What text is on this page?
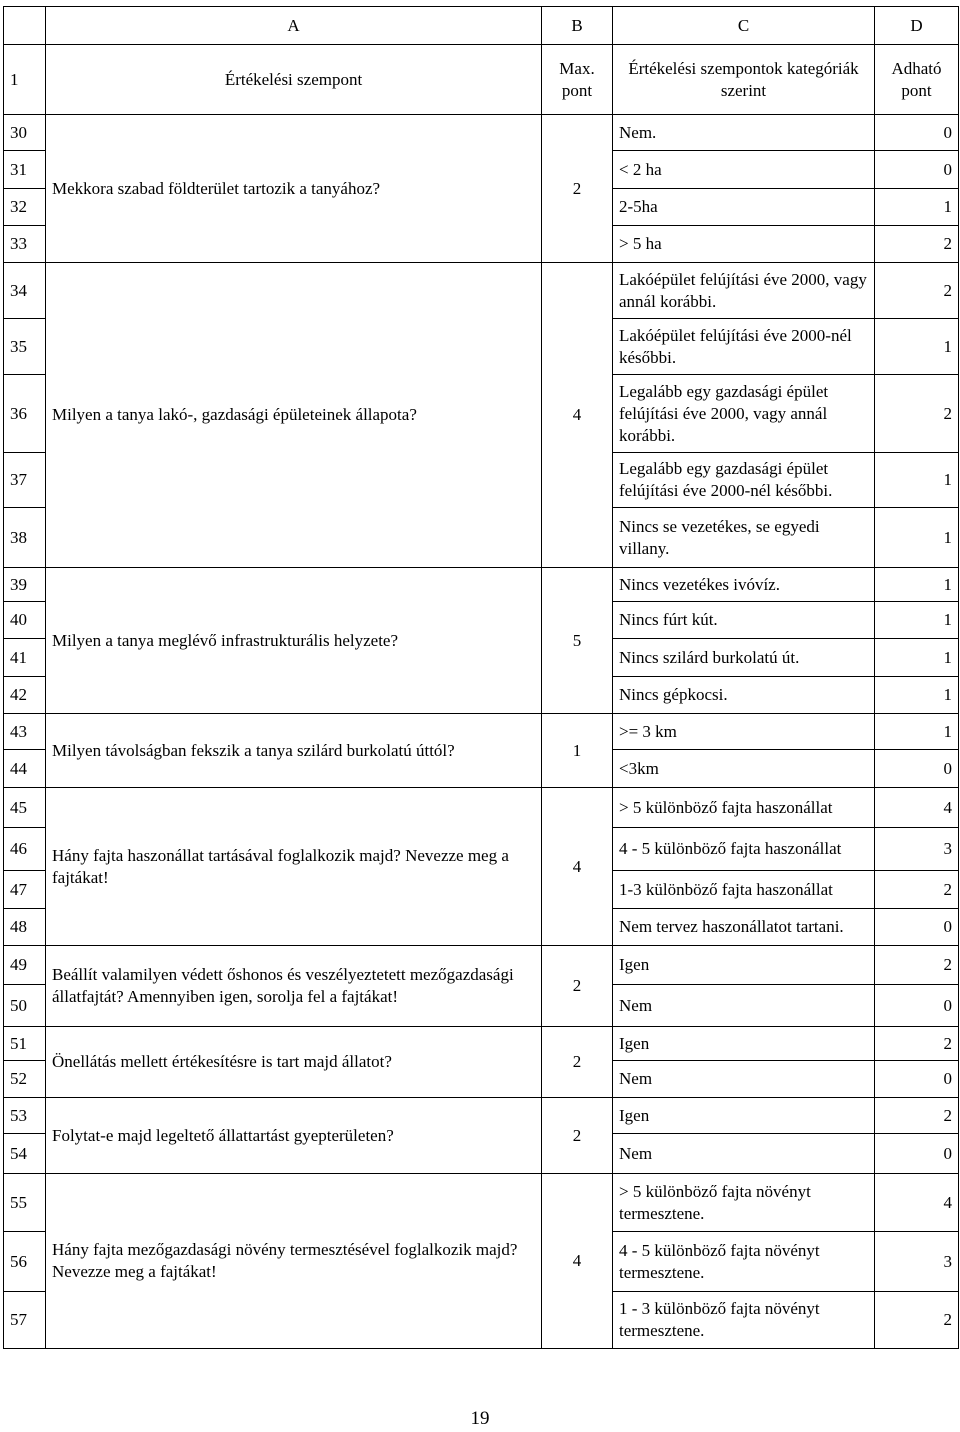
	A	B	C	D
1	Értékelési szempont	Max. pont	Értékelési szempontok kategóriák szerint	Adható pont
30	Mekkora szabad földterület tartozik a tanyához?	2	Nem.	0
31			< 2 ha	0
32			2-5ha	1
33			> 5 ha	2
34	Milyen a tanya lakó-, gazdasági épületeinek állapota?	4	Lakóépület felújítási éve 2000, vagy annál korábbi.	2
35			Lakóépület felújítási éve 2000-nél későbbi.	1
36			Legalább egy gazdasági épület felújítási éve 2000, vagy annál korábbi.	2
37			Legalább egy gazdasági épület felújítási éve 2000-nél későbbi.	1
38			Nincs se vezetékes, se egyedi villany.	1
39	Milyen a tanya meglévő infrastrukturális helyzete?	5	Nincs vezetékes ivóvíz.	1
40			Nincs fúrt kút.	1
41			Nincs szilárd burkolatú út.	1
42			Nincs gépkocsi.	1
43	Milyen távolságban fekszik a tanya szilárd burkolatú úttól?	1	>= 3 km	1
44			<3km	0
45	Hány fajta haszonállat tartásával foglalkozik majd? Nevezze meg a fajtákat!	4	> 5 különböző fajta haszonállat	4
46			4 - 5 különböző fajta haszonállat	3
47			1-3 különböző fajta haszonállat	2
48			Nem tervez haszonállatot tartani.	0
49	Beállít valamilyen védett őshonos és veszélyeztetett mezőgazdasági állatfajtát? Amennyiben igen, sorolja fel a fajtákat!	2	Igen	2
50			Nem	0
51	Önellátás mellett értékesítésre is tart majd állatot?	2	Igen	2
52			Nem	0
53	Folytat-e majd legeltető állattartást gyepterületen?	2	Igen	2
54			Nem	0
55	Hány fajta mezőgazdasági növény termesztésével foglalkozik majd? Nevezze meg a fajtákat!	4	> 5 különböző fajta növényt termesztene.	4
56			4 - 5 különböző fajta növényt termesztene.	3
57			1 - 3 különböző fajta növényt termesztene.	2
19
